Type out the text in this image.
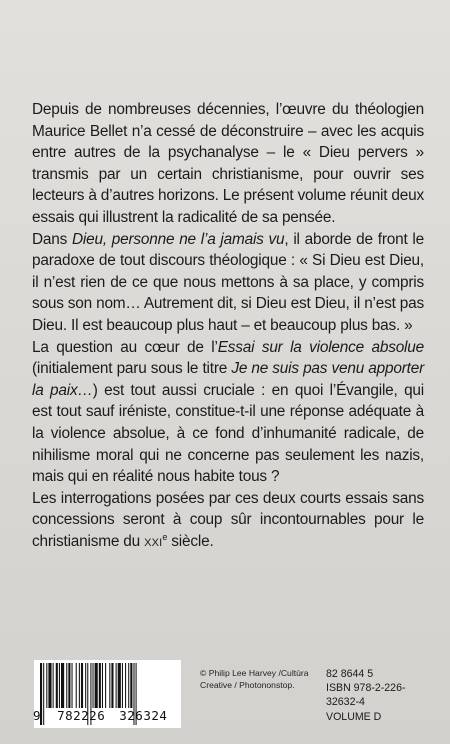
Depuis de nombreuses décennies, l’œuvre du théologien Maurice Bellet n’a cessé de déconstruire – avec les acquis entre autres de la psychanalyse – le « Dieu pervers » transmis par un certain christianisme, pour ouvrir ses lecteurs à d’autres horizons. Le présent volume réunit deux essais qui illustrent la radicalité de sa pensée.

Dans Dieu, personne ne l’a jamais vu, il aborde de front le paradoxe de tout discours théologique : « Si Dieu est Dieu, il n’est rien de ce que nous mettons à sa place, y compris sous son nom… Autrement dit, si Dieu est Dieu, il n’est pas Dieu. Il est beaucoup plus haut – et beaucoup plus bas. »

La question au cœur de l’Essai sur la violence absolue (initialement paru sous le titre Je ne suis pas venu apporter la paix…) est tout aussi cruciale : en quoi l’Évangile, qui est tout sauf iréniste, constitue-t-il une réponse adéquate à la violence absolue, à ce fond d’inhumanité radicale, de nihilisme moral qui ne concerne pas seulement les nazis, mais qui en réalité nous habite tous ?

Les interrogations posées par ces deux courts essais sans concessions seront à coup sûr incontournables pour le christianisme du XXIe siècle.

9 782226 326324
© Philip Lee Harvey /Cultùra
Creative / Photononstop.
82 8644 5
ISBN 978-2-226-32632-4
VOLUME D
